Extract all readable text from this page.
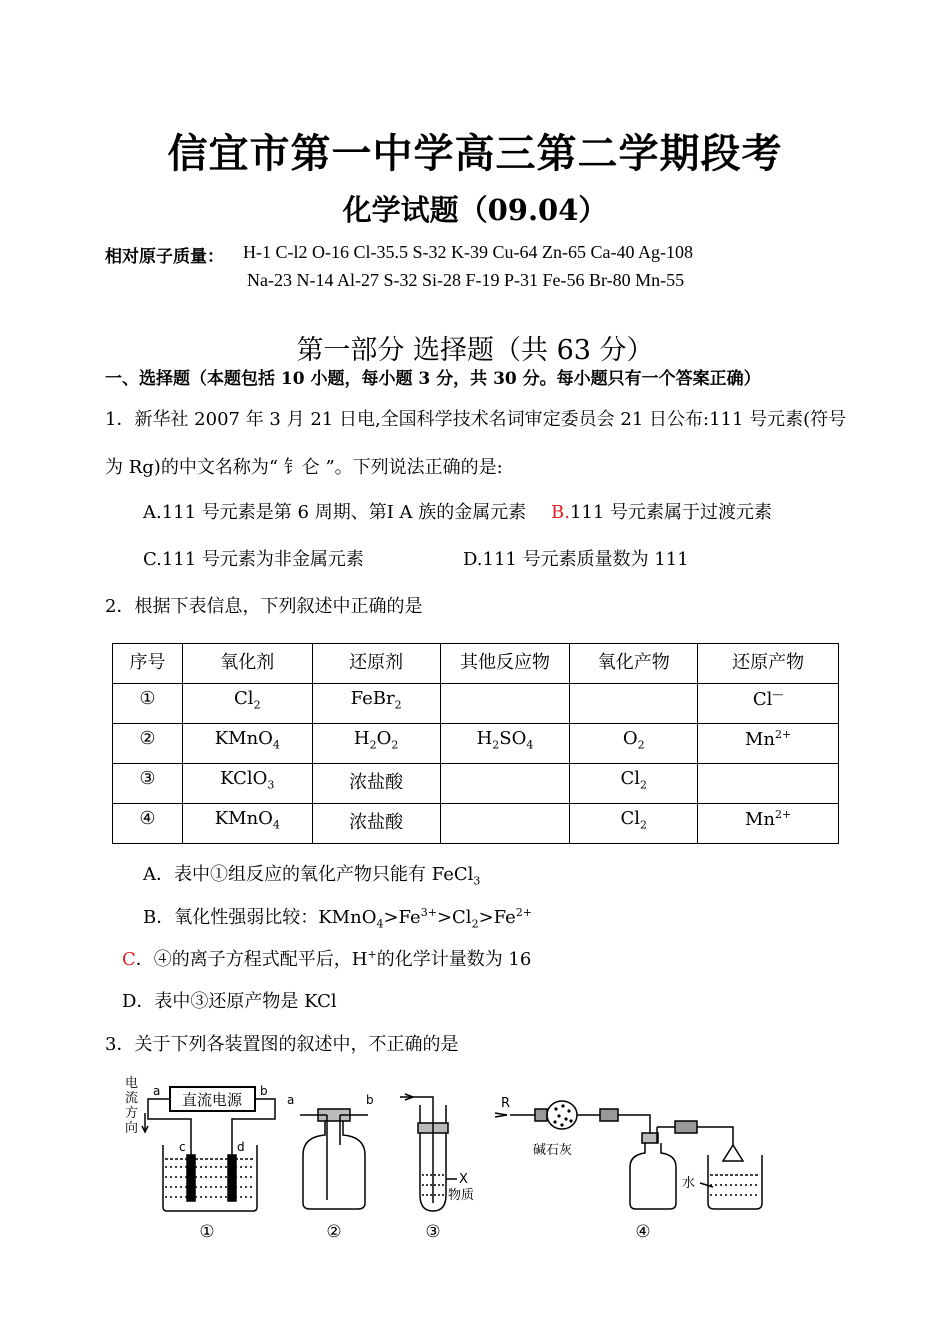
信宜市第一中学高三第二学期段考
化学试题（09.04）
相对原子质量： H-1 C-l2 O-16 Cl-35.5 S-32 K-39 Cu-64 Zn-65 Ca-40 Ag-108
Na-23 N-14 Al-27 S-32 Si-28 F-19 P-31 Fe-56 Br-80 Mn-55
第一部分 选择题（共 63 分）
一、选择题（本题包括 10 小题，每小题 3 分，共 30 分。每小题只有一个答案正确）
1．新华社 2007 年 3 月 21 日电,全国科学技术名词审定委员会 21 日公布:111 号元素(符号
为 Rg)的中文名称为“ 钅仑 ”。下列说法正确的是:
A.111 号元素是第 6 周期、第Ⅰ A 族的金属元素 B.111 号元素属于过渡元素
C.111 号元素为非金属元素	D.111 号元素质量数为 111
2．根据下表信息，下列叙述中正确的是
序号	氧化剂	还原剂	其他反应物	氧化产物	还原产物
①	$Cl_2$	FeBr$_2$			Cl—
②	KMnO$_4$	$H_2O_2$	$H_2SO_4$	$O_2$	$Mn^{2+}$
③	KClO$_3$	浓盐酸		$Cl_2$	
④	KMnO$_4$	浓盐酸		$Cl_2$	$Mn^{2+}$
A．表中①组反应的氧化产物只能有 FeCl$_3$
B．氧化性强弱比较：$KMnO_4>Fe^{3+}>Cl_2>Fe^{2+}$
C．④的离子方程式配平后，H+的化学计量数为 16
D．表中③还原产物是 KCl
3．关于下列各装置图的叙述中，不正确的是
直流电源
电
流
方
向
a	b
c	d
a	b
X
物质
R
碱石灰
水
①	②	③	④
